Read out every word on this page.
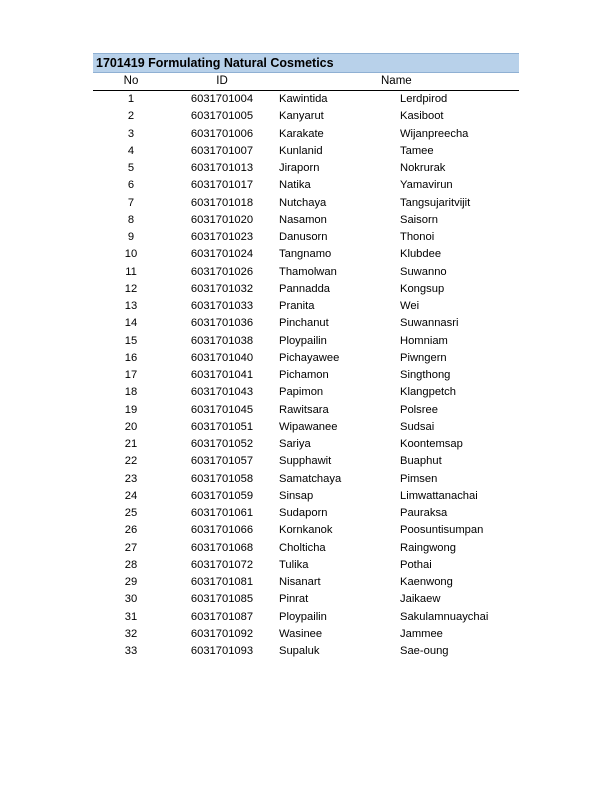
1701419 Formulating Natural Cosmetics
No	ID	Name
1	6031701004	Kawintida	Lerdpirod
2	6031701005	Kanyarut	Kasiboot
3	6031701006	Karakate	Wijanpreecha
4	6031701007	Kunlanid	Tamee
5	6031701013	Jiraporn	Nokrurak
6	6031701017	Natika	Yamavirun
7	6031701018	Nutchaya	Tangsujaritvijit
8	6031701020	Nasamon	Saisorn
9	6031701023	Danusorn	Thonoi
10	6031701024	Tangnamo	Klubdee
11	6031701026	Thamolwan	Suwanno
12	6031701032	Pannadda	Kongsup
13	6031701033	Pranita	Wei
14	6031701036	Pinchanut	Suwannasri
15	6031701038	Ploypailin	Homniam
16	6031701040	Pichayawee	Piwngern
17	6031701041	Pichamon	Singthong
18	6031701043	Papimon	Klangpetch
19	6031701045	Rawitsara	Polsree
20	6031701051	Wipawanee	Sudsai
21	6031701052	Sariya	Koontemsap
22	6031701057	Supphawit	Buaphut
23	6031701058	Samatchaya	Pimsen
24	6031701059	Sinsap	Limwattanachai
25	6031701061	Sudaporn	Pauraksa
26	6031701066	Kornkanok	Poosuntisumpan
27	6031701068	Cholticha	Raingwong
28	6031701072	Tulika	Pothai
29	6031701081	Nisanart	Kaenwong
30	6031701085	Pinrat	Jaikaew
31	6031701087	Ploypailin	Sakulamnuaychai
32	6031701092	Wasinee	Jammee
33	6031701093	Supaluk	Sae-oung
